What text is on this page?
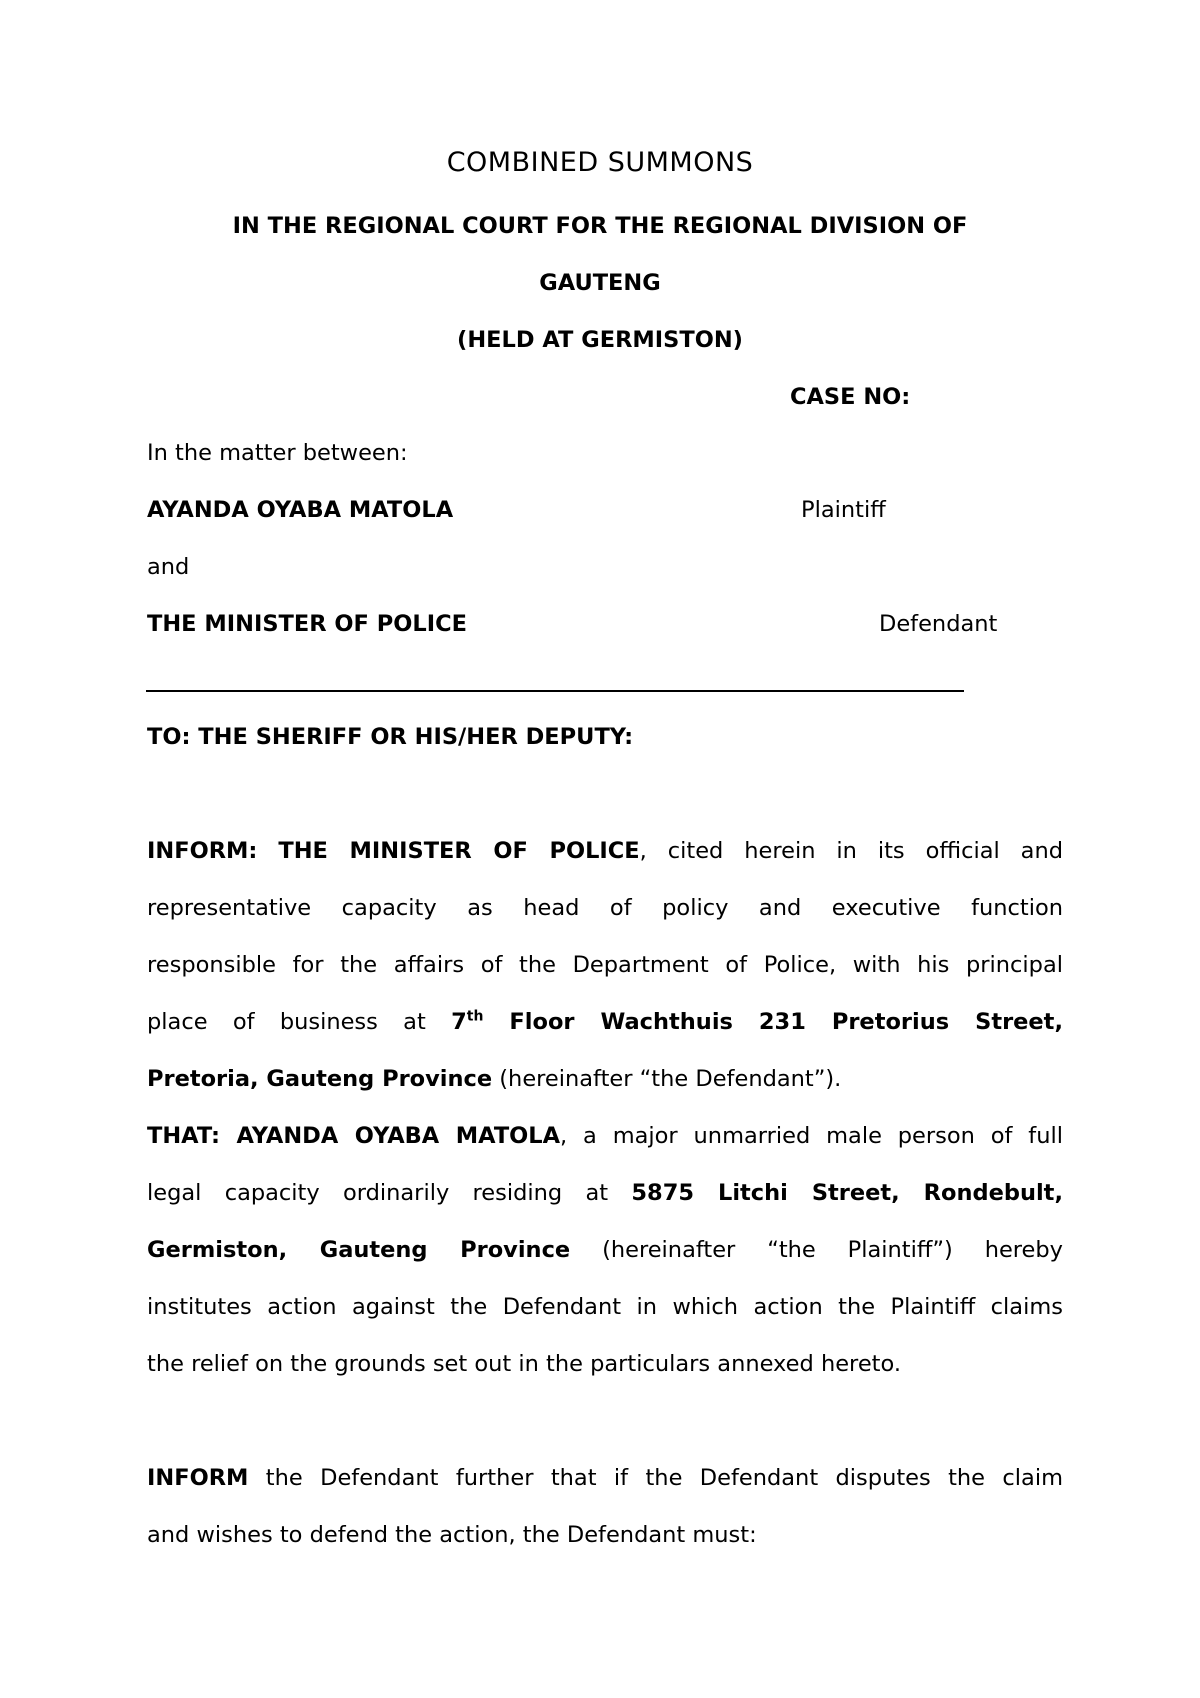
COMBINED SUMMONS
IN THE REGIONAL COURT FOR THE REGIONAL DIVISION OF
GAUTENG
(HELD AT GERMISTON)
CASE NO:
In the matter between:
AYANDA OYABA MATOLA	Plaintiff
and
THE MINISTER OF POLICE	Defendant
TO: THE SHERIFF OR HIS/HER DEPUTY:
INFORM: THE MINISTER OF POLICE, cited herein in its official and
representative capacity as head of policy and executive function
responsible for the affairs of the Department of Police, with his principal
place of business at 7th Floor Wachthuis 231 Pretorius Street,
Pretoria, Gauteng Province (hereinafter “the Defendant”).
THAT: AYANDA OYABA MATOLA, a major unmarried male person of full
legal capacity ordinarily residing at 5875 Litchi Street, Rondebult,
Germiston, Gauteng Province (hereinafter “the Plaintiff”) hereby
institutes action against the Defendant in which action the Plaintiff claims
the relief on the grounds set out in the particulars annexed hereto.
INFORM the Defendant further that if the Defendant disputes the claim
and wishes to defend the action, the Defendant must:
